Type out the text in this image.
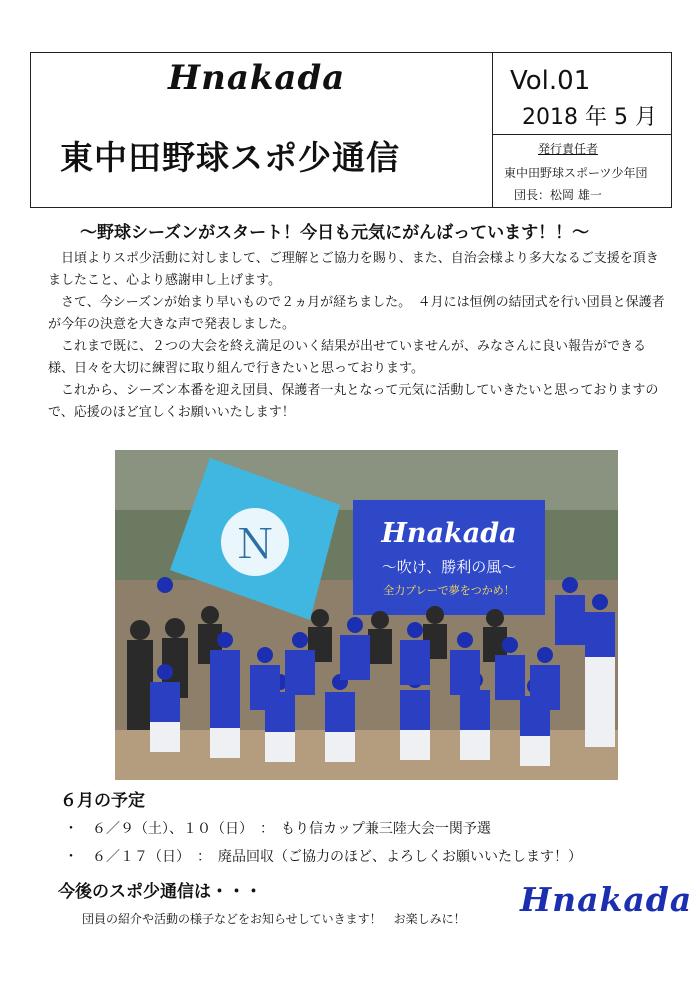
Hnakada
東中田野球スポ少通信
Vol.01
2018 年 5 月
発行責任者
東中田野球スポーツ少年団
団長：松岡 雄一
〜野球シーズンがスタート！今日も元気にがんばっています！！〜

日頃よりスポ少活動に対しまして、ご理解とご協力を賜り、また、自治会様より多大なるご支援を頂きましたこと、心より感謝申し上げます。

さて、今シーズンが始まり早いもので２ヵ月が経ちました。　４月には恒例の結団式を行い団員と保護者が今年の決意を大きな声で発表しました。

これまで既に、２つの大会を終え満足のいく結果が出せていませんが、みなさんに良い報告ができる様、日々を大切に練習に取り組んで行きたいと思っております。

これから、シーズン本番を迎え団員、保護者一丸となって元気に活動していきたいと思っておりますので、応援のほど宜しくお願いいたします！

Ｎ	Hnakada
〜吹け、勝利の風〜
全力プレーで夢をつかめ！
６月の予定
・　６／９（土）、１０（日）　：　もり信カップ兼三陸大会一関予選
・　６／１７（日）　：　廃品回収（ご協力のほど、よろしくお願いいたします！）
今後のスポ少通信は・・・
団員の紹介や活動の様子などをお知らせしていきます！　お楽しみに！ Hnakada
